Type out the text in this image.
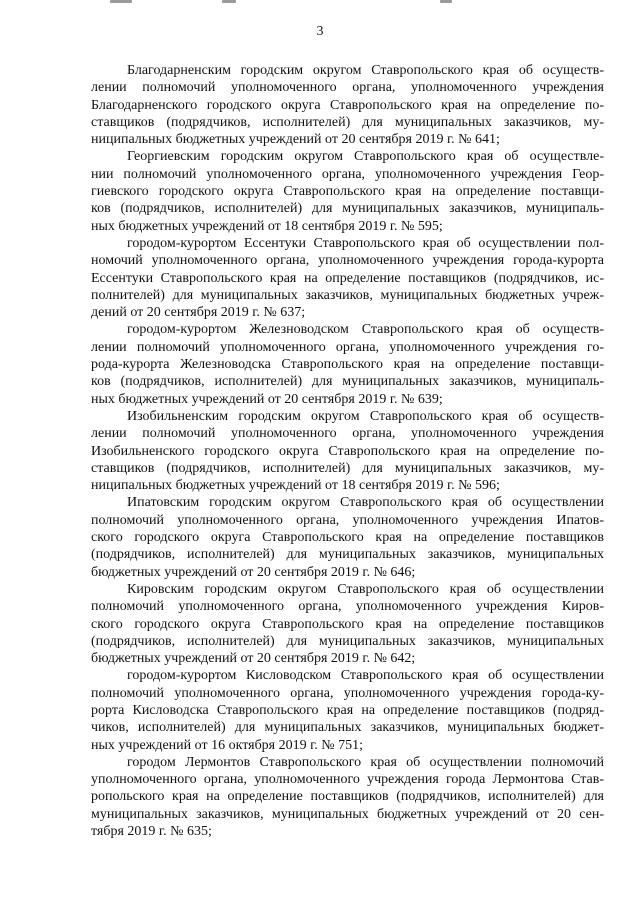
3

Благодарненским городским округом Ставропольского края об осуществ-
лении полномочий уполномоченного органа, уполномоченного учреждения
Благодарненского городского округа Ставропольского края на определение по-
ставщиков (подрядчиков, исполнителей) для муниципальных заказчиков, му-
ниципальных бюджетных учреждений от 20 сентября 2019 г. № 641;

Георгиевским городским округом Ставропольского края об осуществле-
нии полномочий уполномоченного органа, уполномоченного учреждения Геор-
гиевского городского округа Ставропольского края на определение поставщи-
ков (подрядчиков, исполнителей) для муниципальных заказчиков, муниципаль-
ных бюджетных учреждений от 18 сентября 2019 г. № 595;

городом-курортом Ессентуки Ставропольского края об осуществлении пол-
номочий уполномоченного органа, уполномоченного учреждения города-курорта
Ессентуки Ставропольского края на определение поставщиков (подрядчиков, ис-
полнителей) для муниципальных заказчиков, муниципальных бюджетных учреж-
дений от 20 сентября 2019 г. № 637;

городом-курортом Железноводском Ставропольского края об осуществ-
лении полномочий уполномоченного органа, уполномоченного учреждения го-
рода-курорта Железноводска Ставропольского края на определение поставщи-
ков (подрядчиков, исполнителей) для муниципальных заказчиков, муниципаль-
ных бюджетных учреждений от 20 сентября 2019 г. № 639;

Изобильненским городским округом Ставропольского края об осуществ-
лении полномочий уполномоченного органа, уполномоченного учреждения
Изобильненского городского округа Ставропольского края на определение по-
ставщиков (подрядчиков, исполнителей) для муниципальных заказчиков, му-
ниципальных бюджетных учреждений от 18 сентября 2019 г. № 596;

Ипатовским городским округом Ставропольского края об осуществлении
полномочий уполномоченного органа, уполномоченного учреждения Ипатов-
ского городского округа Ставропольского края на определение поставщиков
(подрядчиков, исполнителей) для муниципальных заказчиков, муниципальных
бюджетных учреждений от 20 сентября 2019 г. № 646;

Кировским городским округом Ставропольского края об осуществлении
полномочий уполномоченного органа, уполномоченного учреждения Киров-
ского городского округа Ставропольского края на определение поставщиков
(подрядчиков, исполнителей) для муниципальных заказчиков, муниципальных
бюджетных учреждений от 20 сентября 2019 г. № 642;

городом-курортом Кисловодском Ставропольского края об осуществлении
полномочий уполномоченного органа, уполномоченного учреждения города-ку-
рорта Кисловодска Ставропольского края на определение поставщиков (подряд-
чиков, исполнителей) для муниципальных заказчиков, муниципальных бюджет-
ных учреждений от 16 октября 2019 г. № 751;

городом Лермонтов Ставропольского края об осуществлении полномочий
уполномоченного органа, уполномоченного учреждения города Лермонтова Став-
ропольского края на определение поставщиков (подрядчиков, исполнителей) для
муниципальных заказчиков, муниципальных бюджетных учреждений от 20 сен-
тября 2019 г. № 635;
